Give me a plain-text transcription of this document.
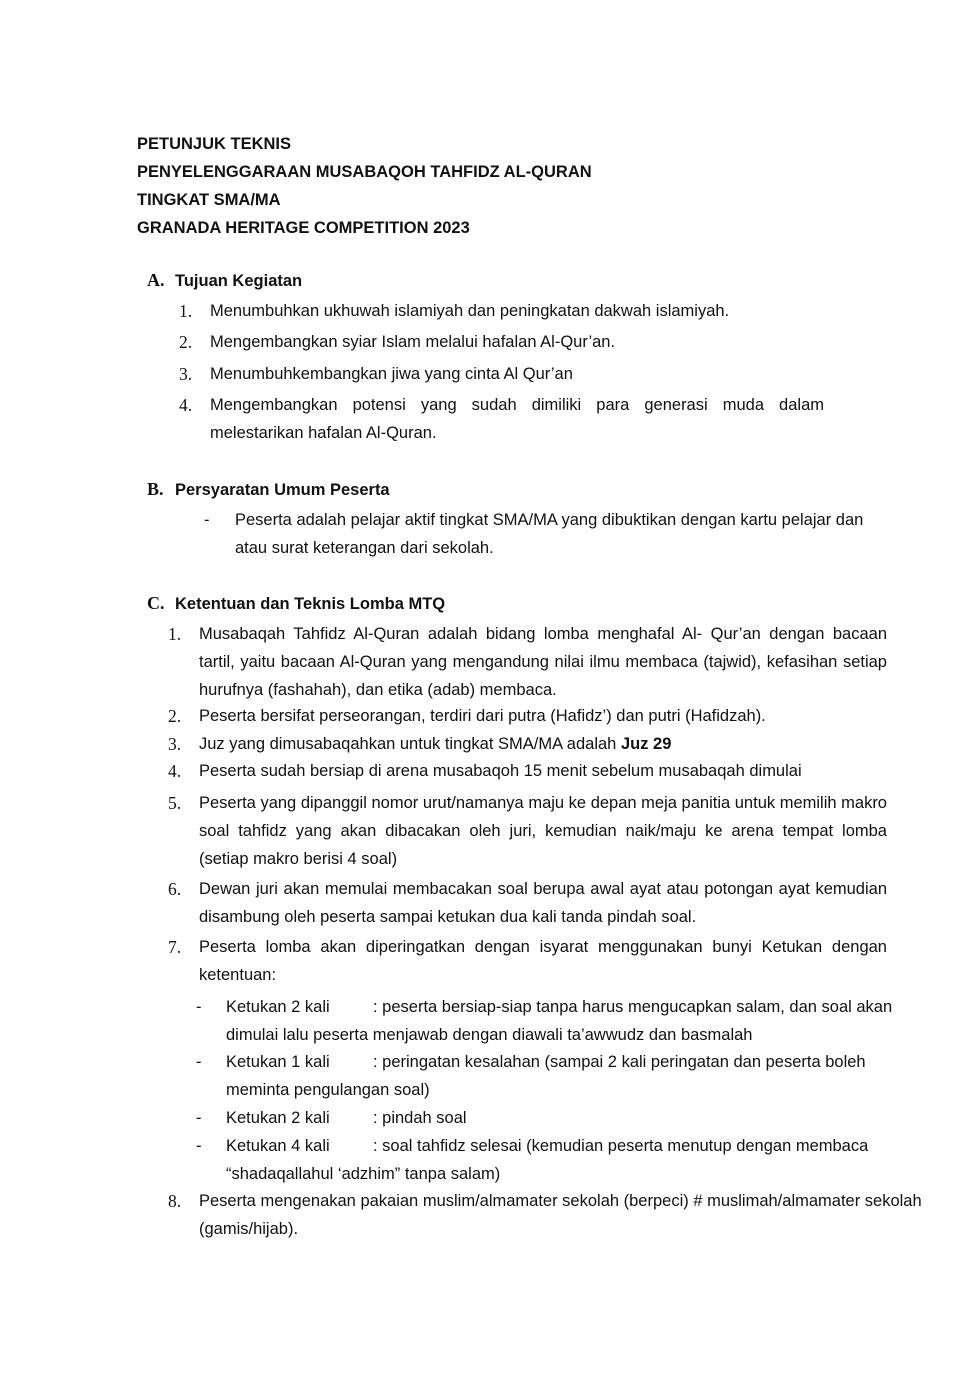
PETUNJUK TEKNIS
PENYELENGGARAAN MUSABAQOH TAHFIDZ AL-QURAN
TINGKAT SMA/MA
GRANADA HERITAGE COMPETITION 2023
A. Tujuan Kegiatan
1. Menumbuhkan ukhuwah islamiyah dan peningkatan dakwah islamiyah.
2. Mengembangkan syiar Islam melalui hafalan Al-Qur’an.
3. Menumbuhkembangkan jiwa yang cinta Al Qur’an
4. Mengembangkan potensi yang sudah dimiliki para generasi muda dalam melestarikan hafalan Al-Quran.
B. Persyaratan Umum Peserta
- Peserta adalah pelajar aktif tingkat SMA/MA yang dibuktikan dengan kartu pelajar dan atau surat keterangan dari sekolah.
C. Ketentuan dan Teknis Lomba MTQ
1. Musabaqah Tahfidz Al-Quran adalah bidang lomba menghafal Al- Qur’an dengan bacaan tartil, yaitu bacaan Al-Quran yang mengandung nilai ilmu membaca (tajwid), kefasihan setiap hurufnya (fashahah), dan etika (adab) membaca.
2. Peserta bersifat perseorangan, terdiri dari putra (Hafidz’) dan putri (Hafidzah).
3. Juz yang dimusabaqahkan untuk tingkat SMA/MA adalah Juz 29
4. Peserta sudah bersiap di arena musabaqoh 15 menit sebelum musabaqah dimulai
5. Peserta yang dipanggil nomor urut/namanya maju ke depan meja panitia untuk memilih makro soal tahfidz yang akan dibacakan oleh juri, kemudian naik/maju ke arena tempat lomba (setiap makro berisi 4 soal)
6. Dewan juri akan memulai membacakan soal berupa awal ayat atau potongan ayat kemudian disambung oleh peserta sampai ketukan dua kali tanda pindah soal.
7. Peserta lomba akan diperingatkan dengan isyarat menggunakan bunyi Ketukan dengan ketentuan:
- Ketukan 2 kali	: peserta bersiap-siap tanpa harus mengucapkan salam, dan soal akan dimulai lalu peserta menjawab dengan diawali ta’awwudz dan basmalah
- Ketukan 1 kali	: peringatan kesalahan (sampai 2 kali peringatan dan peserta boleh meminta pengulangan soal)
- Ketukan 2 kali	: pindah soal
- Ketukan 4 kali	: soal tahfidz selesai (kemudian peserta menutup dengan membaca “shadaqallahul ‘adzhim” tanpa salam)
8. Peserta mengenakan pakaian muslim/almamater sekolah (berpeci) # muslimah/almamater sekolah (gamis/hijab).
